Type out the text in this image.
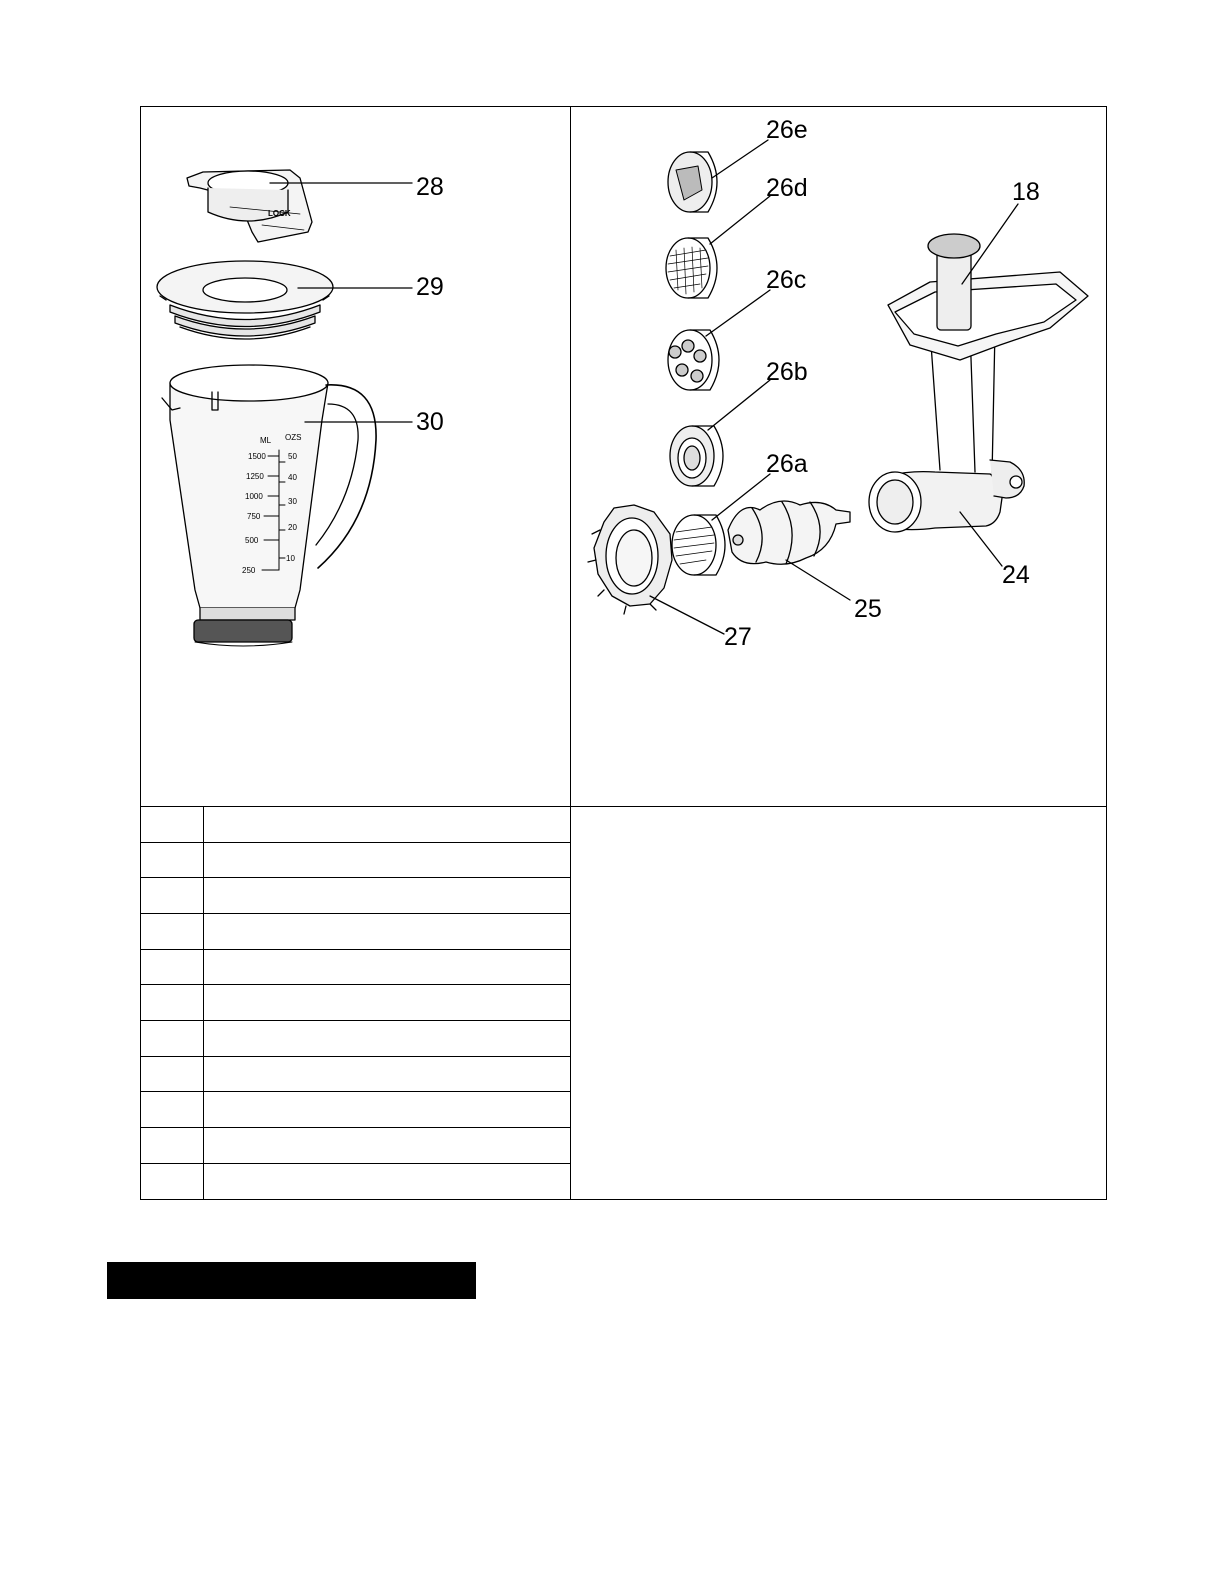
LOCK
28
29
30
ML OZS
1500
1250
1000
750
500
250
50
40
30
20
10
26e
26d
26c
26b
26a
18
24
25
27
